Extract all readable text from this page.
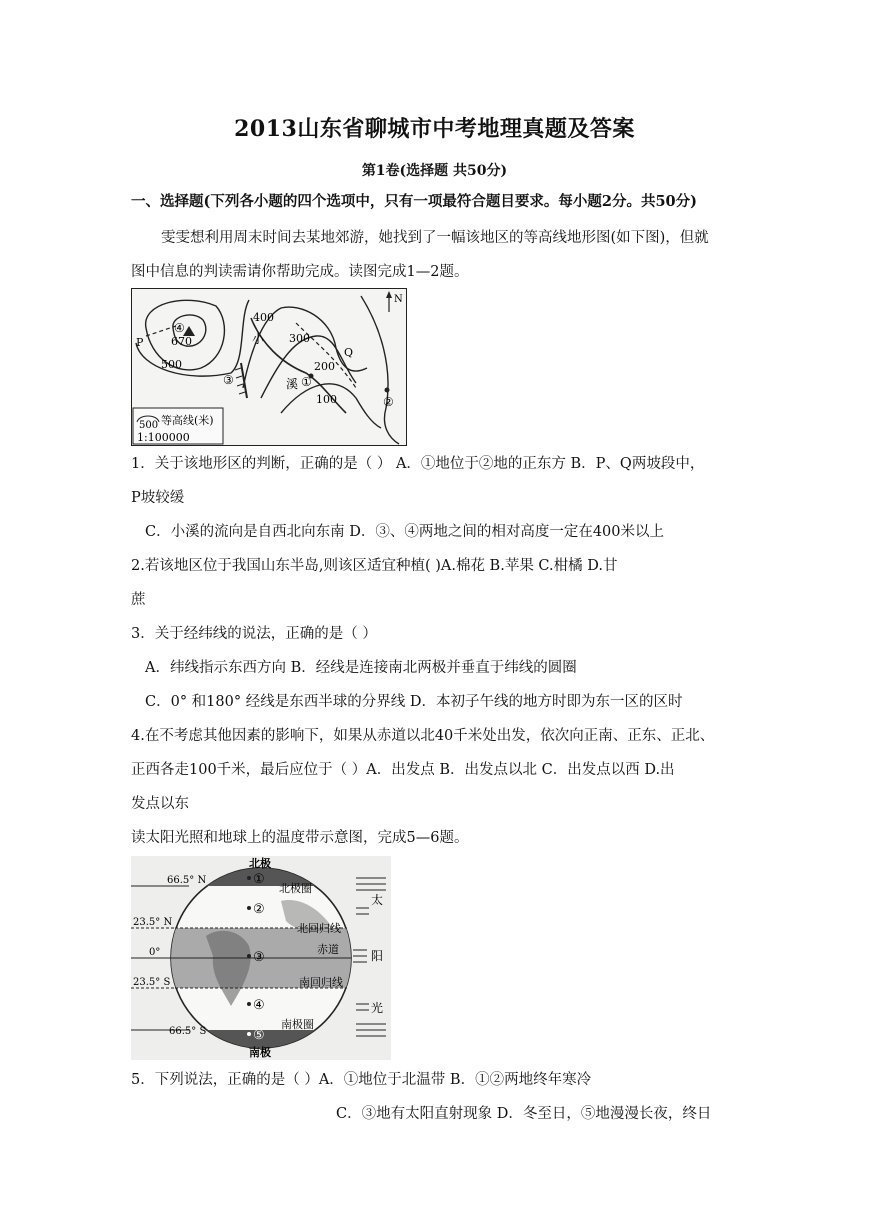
2013山东省聊城市中考地理真题及答案
第1卷(选择题 共50分)
一、选择题(下列各小题的四个选项中，只有一项最符合题目要求。每小题2分。共50分)
雯雯想利用周末时间去某地郊游，她找到了一幅该地区的等高线地形图(如下图)，但就
图中信息的判读需请你帮助完成。读图完成1—2题。
④
670
P
500
400
300
200
100
Q
小
溪 ①
③
②
N
500 等高线(米)
1:100000
1．关于该地形区的判断，正确的是（ ） A．①地位于②地的正东方 B．P、Q两坡段中，
P坡较缓
C．小溪的流向是自西北向东南 D．③、④两地之间的相对高度一定在400米以上
2.若该地区位于我国山东半岛,则该区适宜种植( )A.棉花 B.苹果 C.柑橘 D.甘
蔗
3．关于经纬线的说法，正确的是（ ）
A．纬线指示东西方向 B．经线是连接南北两极并垂直于纬线的圆圈
C．0° 和180° 经线是东西半球的分界线 D．本初子午线的地方时即为东一区的区时
4.在不考虑其他因素的影响下，如果从赤道以北40千米处出发，依次向正南、正东、正北、
正西各走100千米，最后应位于（ ）A．出发点 B．出发点以北 C．出发点以西 D.出
发点以东
读太阳光照和地球上的温度带示意图，完成5—6题。
66.5° N
23.5° N
0°
23.5° S
66.5° S
北极
北极圈
北回归线
赤道
南回归线
南极圈
南极
太
阳
光
①
②
③
④
⑤
5．下列说法，正确的是（ ）A．①地位于北温带 B．①②两地终年寒冷
C．③地有太阳直射现象 D．冬至日，⑤地漫漫长夜，终日
